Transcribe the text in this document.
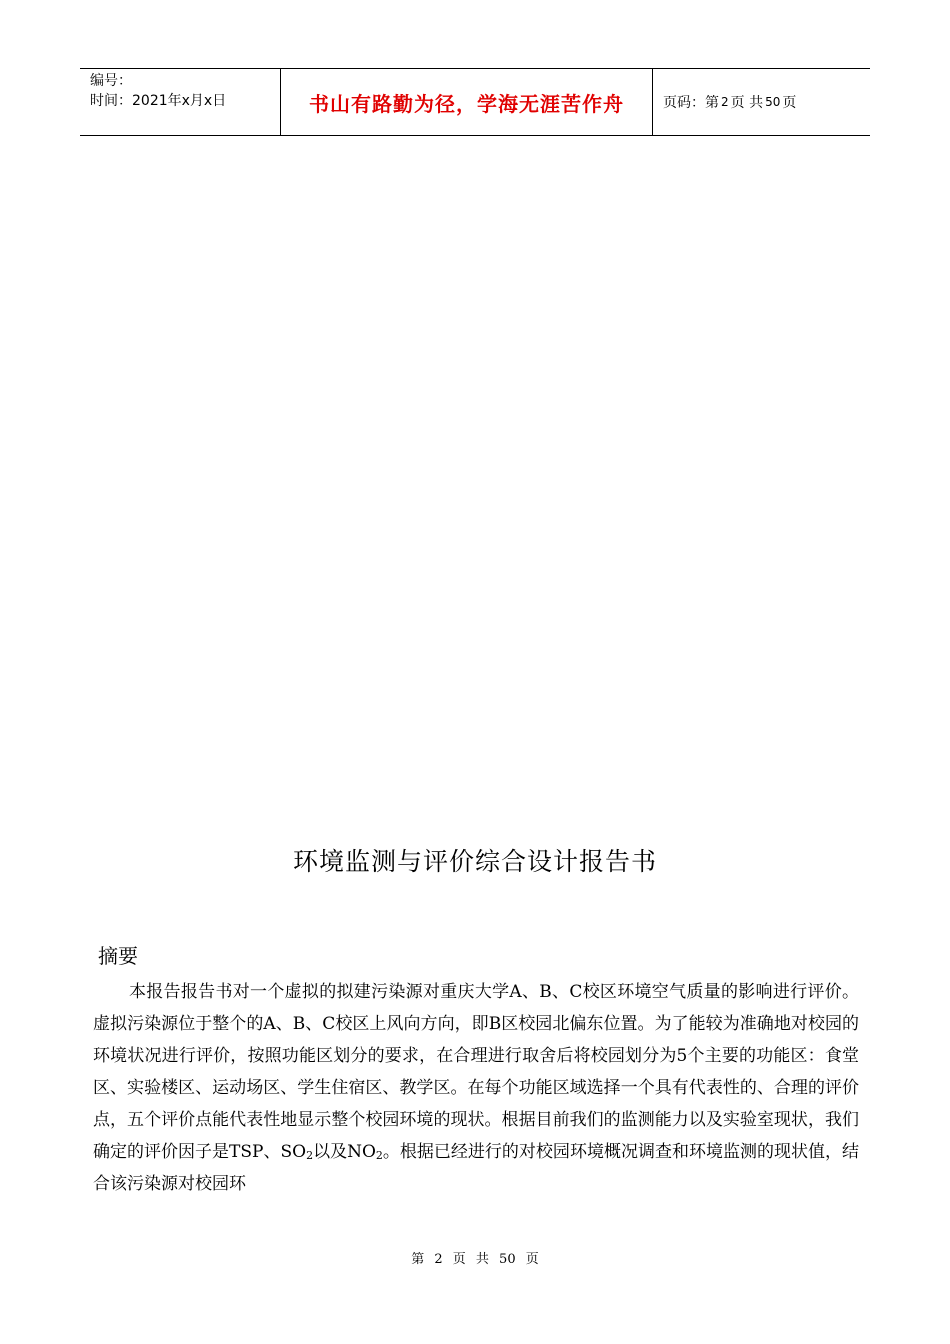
编号：
时间：2021年x月x日	书山有路勤为径，学海无涯苦作舟	页码：第 2 页 共 50 页
环境监测与评价综合设计报告书
摘要

本报告报告书对一个虚拟的拟建污染源对重庆大学A、B、C校区环境空气质量的影响进行评价。虚拟污染源位于整个的A、B、C校区上风向方向，即B区校园北偏东位置。为了能较为准确地对校园的环境状况进行评价，按照功能区划分的要求，在合理进行取舍后将校园划分为5个主要的功能区：食堂区、实验楼区、运动场区、学生住宿区、教学区。在每个功能区域选择一个具有代表性的、合理的评价点，五个评价点能代表性地显示整个校园环境的现状。根据目前我们的监测能力以及实验室现状，我们确定的评价因子是TSP、$SO_2$以及$NO_2$。根据已经进行的对校园环境概况调查和环境监测的现状值，结合该污染源对校园环

第 2 页 共 50 页
